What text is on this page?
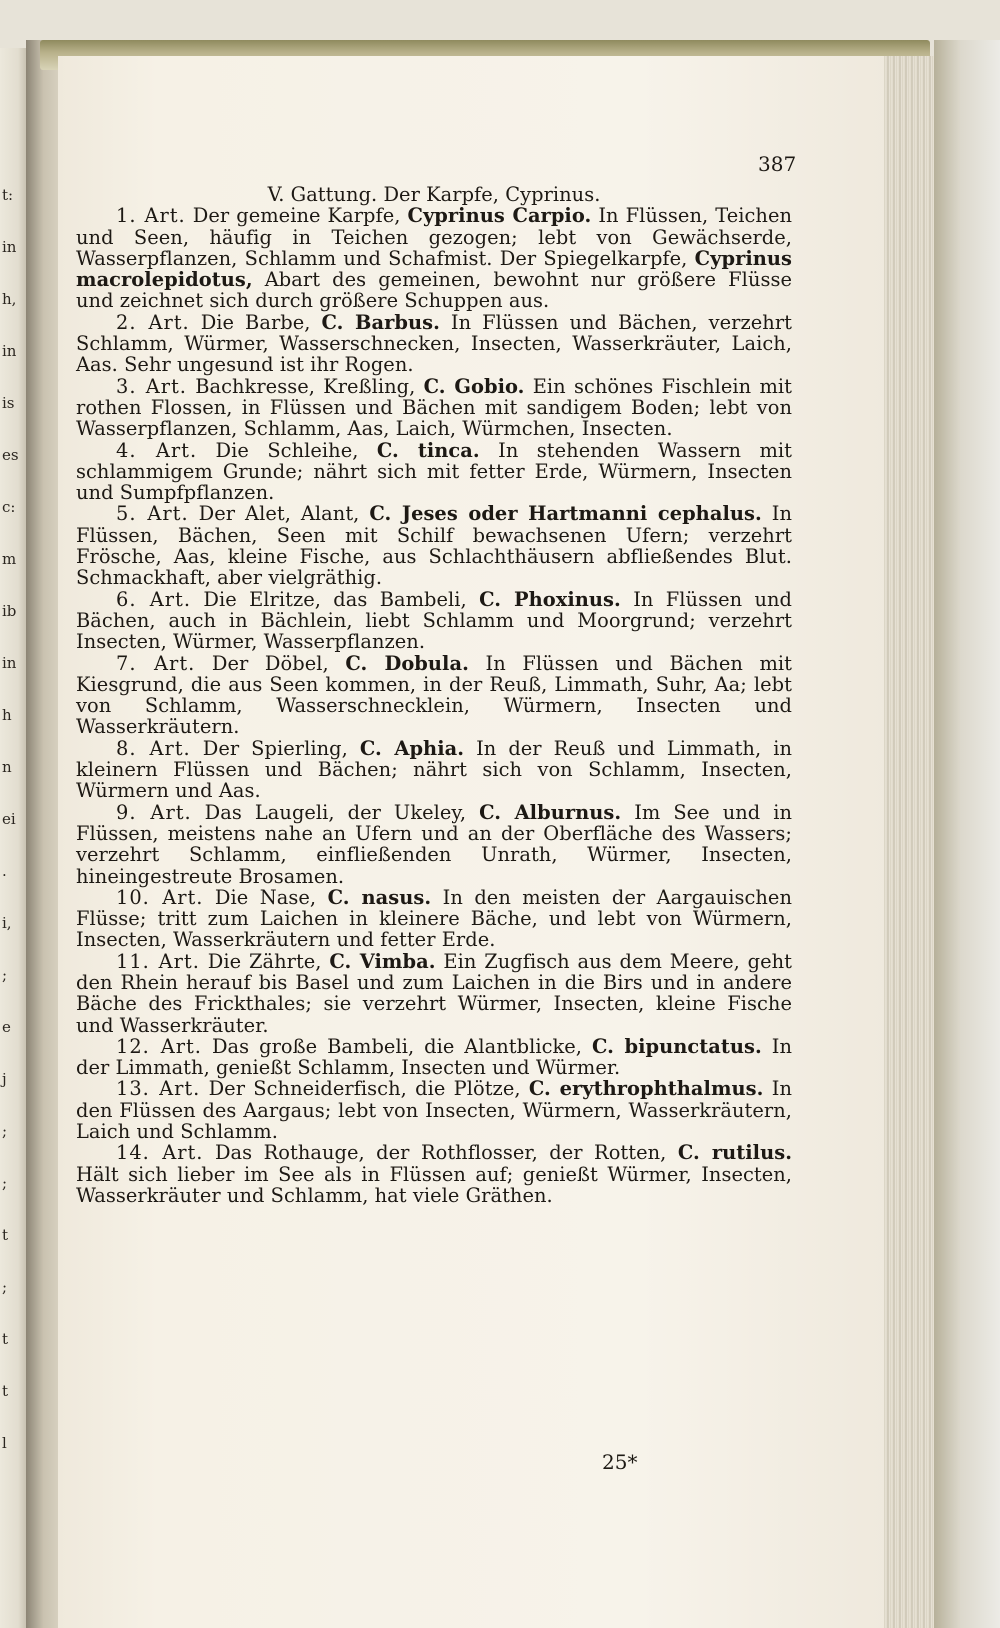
t:
in
h,
in
is
es
c:
m
ib
in
h
n
ei
.
i,
;
e
j
;
;
t
;
t
t
l
387

V. Gattung. Der Karpfe, Cyprinus.

1. Art. Der gemeine Karpfe, Cyprinus Carpio. In Flüssen, Teichen und Seen, häufig in Teichen gezogen; lebt von Gewächserde, Wasserpflanzen, Schlamm und Schafmist. Der Spiegelkarpfe, Cyprinus macrolepidotus, Abart des gemeinen, bewohnt nur größere Flüsse und zeichnet sich durch größere Schuppen aus.

2. Art. Die Barbe, C. Barbus. In Flüssen und Bächen, verzehrt Schlamm, Würmer, Wasserschnecken, Insecten, Wasserkräuter, Laich, Aas. Sehr ungesund ist ihr Rogen.

3. Art. Bachkresse, Kreßling, C. Gobio. Ein schönes Fischlein mit rothen Flossen, in Flüssen und Bächen mit sandigem Boden; lebt von Wasserpflanzen, Schlamm, Aas, Laich, Würmchen, Insecten.

4. Art. Die Schleihe, C. tinca. In stehenden Wassern mit schlammigem Grunde; nährt sich mit fetter Erde, Würmern, Insecten und Sumpfpflanzen.

5. Art. Der Alet, Alant, C. Jeses oder Hartmanni cephalus. In Flüssen, Bächen, Seen mit Schilf bewachsenen Ufern; verzehrt Frösche, Aas, kleine Fische, aus Schlachthäusern abfließendes Blut. Schmackhaft, aber vielgräthig.

6. Art. Die Elritze, das Bambeli, C. Phoxinus. In Flüssen und Bächen, auch in Bächlein, liebt Schlamm und Moorgrund; verzehrt Insecten, Würmer, Wasserpflanzen.

7. Art. Der Döbel, C. Dobula. In Flüssen und Bächen mit Kiesgrund, die aus Seen kommen, in der Reuß, Limmath, Suhr, Aa; lebt von Schlamm, Wasserschnecklein, Würmern, Insecten und Wasserkräutern.

8. Art. Der Spierling, C. Aphia. In der Reuß und Limmath, in kleinern Flüssen und Bächen; nährt sich von Schlamm, Insecten, Würmern und Aas.

9. Art. Das Laugeli, der Ukeley, C. Alburnus. Im See und in Flüssen, meistens nahe an Ufern und an der Oberfläche des Wassers; verzehrt Schlamm, einfließenden Unrath, Würmer, Insecten, hineingestreute Brosamen.

10. Art. Die Nase, C. nasus. In den meisten der Aargauischen Flüsse; tritt zum Laichen in kleinere Bäche, und lebt von Würmern, Insecten, Wasserkräutern und fetter Erde.

11. Art. Die Zährte, C. Vimba. Ein Zugfisch aus dem Meere, geht den Rhein herauf bis Basel und zum Laichen in die Birs und in andere Bäche des Frickthales; sie verzehrt Würmer, Insecten, kleine Fische und Wasserkräuter.

12. Art. Das große Bambeli, die Alantblicke, C. bipunctatus. In der Limmath, genießt Schlamm, Insecten und Würmer.

13. Art. Der Schneiderfisch, die Plötze, C. erythrophthalmus. In den Flüssen des Aargaus; lebt von Insecten, Würmern, Wasserkräutern, Laich und Schlamm.

14. Art. Das Rothauge, der Rothflosser, der Rotten, C. rutilus. Hält sich lieber im See als in Flüssen auf; genießt Würmer, Insecten, Wasserkräuter und Schlamm, hat viele Gräthen.

25*
